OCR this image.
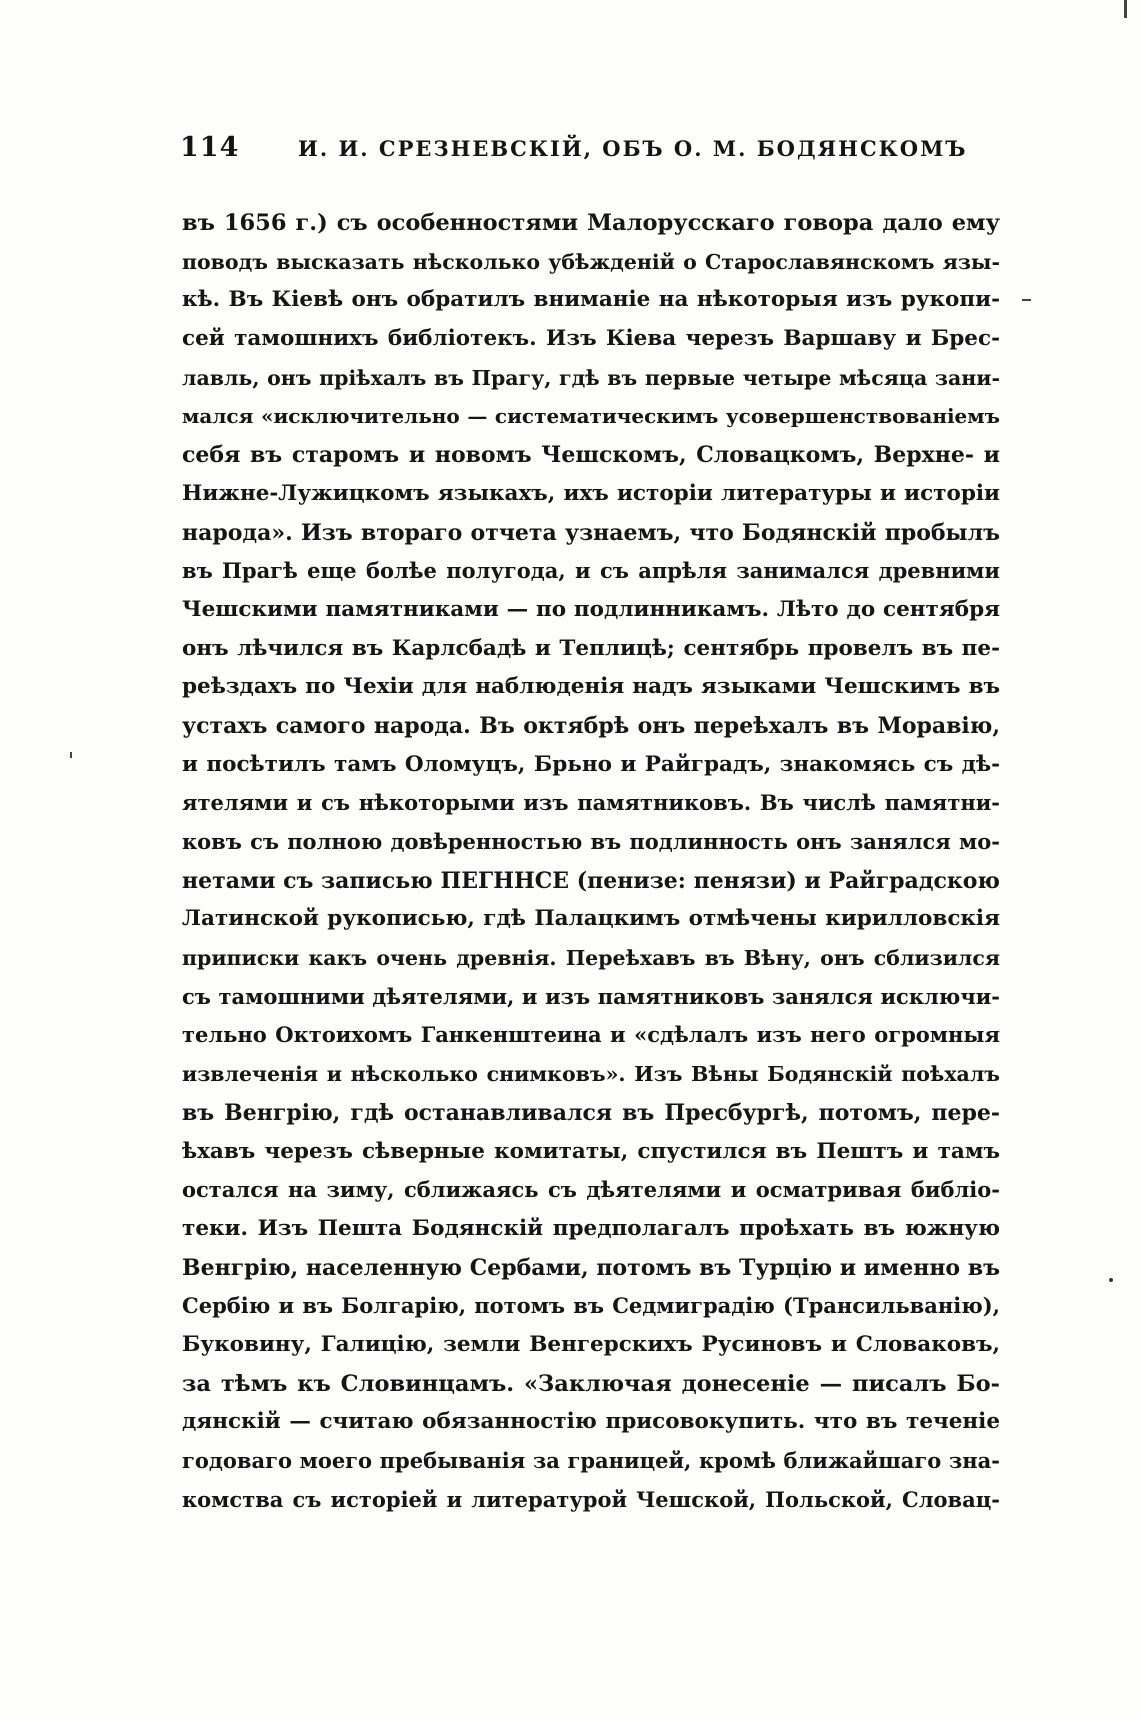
114	И. И. СРЕЗНЕВСКІЙ, ОБЪ О. М. БОДЯНСКОМЪ
въ 1656 г.) съ особенностями Малорусскаго говора дало ему
поводъ высказать нѣсколько убѣжденій о Старославянскомъ язы-
кѣ. Въ Кіевѣ онъ обратилъ вниманіе на нѣкоторыя изъ рукопи-
сей тамошнихъ библіотекъ. Изъ Кіева черезъ Варшаву и Брес-
лавль, онъ пріѣхалъ въ Прагу, гдѣ въ первые четыре мѣсяца зани-
мался «исключительно — систематическимъ усовершенствованіемъ
себя въ старомъ и новомъ Чешскомъ, Словацкомъ, Верхне- и
Нижне-Лужицкомъ языкахъ, ихъ исторіи литературы и исторіи
народа». Изъ втораго отчета узнаемъ, что Бодянскій пробылъ
въ Прагѣ еще болѣе полугода, и съ апрѣля занимался древними
Чешскими памятниками — по подлинникамъ. Лѣто до сентября
онъ лѣчился въ Карлсбадѣ и Теплицѣ; сентябрь провелъ въ пе-
реѣздахъ по Чехіи для наблюденія надъ языками Чешскимъ въ
устахъ самого народа. Въ октябрѣ онъ переѣхалъ въ Моравію,
и посѣтилъ тамъ Оломуцъ, Брьно и Райградъ, знакомясь съ дѣ-
ятелями и съ нѣкоторыми изъ памятниковъ. Въ числѣ памятни-
ковъ съ полною довѣренностью въ подлинность онъ занялся мо-
нетами съ записью ПЕГННСЕ (пенизе: пенязи) и Райградскою
Латинской рукописью, гдѣ Палацкимъ отмѣчены кирилловскія
приписки какъ очень древнія. Переѣхавъ въ Вѣну, онъ сблизился
съ тамошними дѣятелями, и изъ памятниковъ занялся исключи-
тельно Октоихомъ Ганкенштеина и «сдѣлалъ изъ него огромныя
извлеченія и нѣсколько снимковъ». Изъ Вѣны Бодянскій поѣхалъ
въ Венгрію, гдѣ останавливался въ Пресбургѣ, потомъ, пере-
ѣхавъ черезъ сѣверные комитаты, спустился въ Пештъ и тамъ
остался на зиму, сближаясь съ дѣятелями и осматривая библіо-
теки. Изъ Пешта Бодянскій предполагалъ проѣхать въ южную
Венгрію, населенную Сербами, потомъ въ Турцію и именно въ
Сербію и въ Болгарію, потомъ въ Седмиградію (Трансильванію),
Буковину, Галицію, земли Венгерскихъ Русиновъ и Словаковъ,
за тѣмъ къ Словинцамъ. «Заключая донесеніе — писалъ Бо-
дянскій — считаю обязанностію присовокупить. что въ теченіе
годоваго моего пребыванія за границей, кромѣ ближайшаго зна-
комства съ исторіей и литературой Чешской, Польской, Словац-
